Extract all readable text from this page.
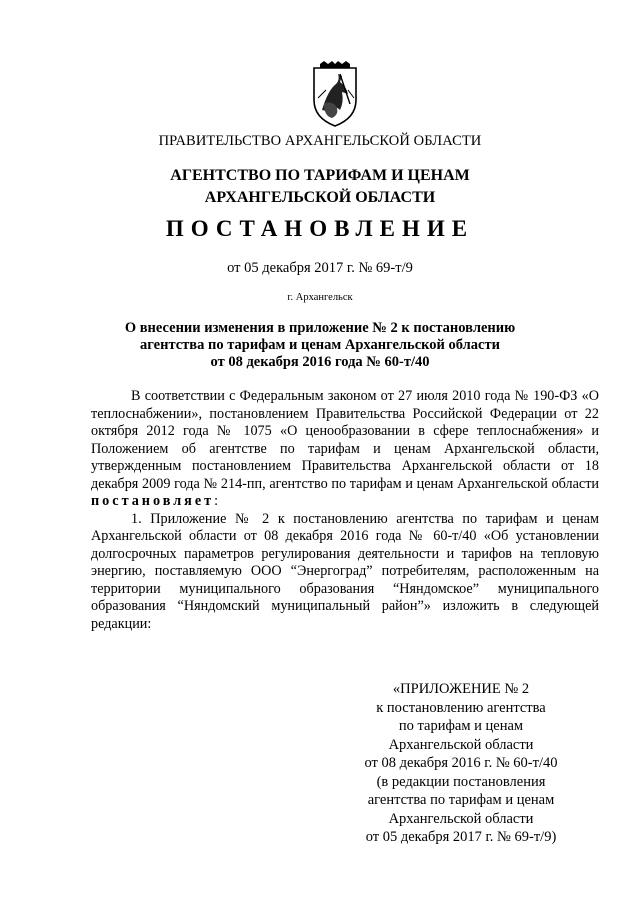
ПРАВИТЕЛЬСТВО АРХАНГЕЛЬСКОЙ ОБЛАСТИ
АГЕНТСТВО ПО ТАРИФАМ И ЦЕНАМ
АРХАНГЕЛЬСКОЙ ОБЛАСТИ
ПОСТАНОВЛЕНИЕ
от 05 декабря 2017 г. № 69-т/9
г. Архангельск
О внесении изменения в приложение № 2 к постановлению
агентства по тарифам и ценам Архангельской области
от 08 декабря 2016 года № 60-т/40

В соответствии с Федеральным законом от 27 июля 2010 года № 190-ФЗ «О теплоснабжении», постановлением Правительства Российской Федерации от 22 октября 2012 года № 1075 «О ценообразовании в сфере теплоснабжения» и Положением об агентстве по тарифам и ценам Архангельской области, утвержденным постановлением Правительства Архангельской области от 18 декабря 2009 года № 214-пп, агентство по тарифам и ценам Архангельской области постановляет:

1. Приложение № 2 к постановлению агентства по тарифам и ценам Архангельской области от 08 декабря 2016 года № 60-т/40 «Об установлении долгосрочных параметров регулирования деятельности и тарифов на тепловую энергию, поставляемую ООО “Энергоград” потребителям, расположенным на территории муниципального образования “Няндомское” муниципального образования “Няндомский муниципальный район”» изложить в следующей редакции:

«ПРИЛОЖЕНИЕ № 2
к постановлению агентства
по тарифам и ценам
Архангельской области
от 08 декабря 2016 г. № 60-т/40
(в редакции постановления
агентства по тарифам и ценам
Архангельской области
от 05 декабря 2017 г. № 69-т/9)
